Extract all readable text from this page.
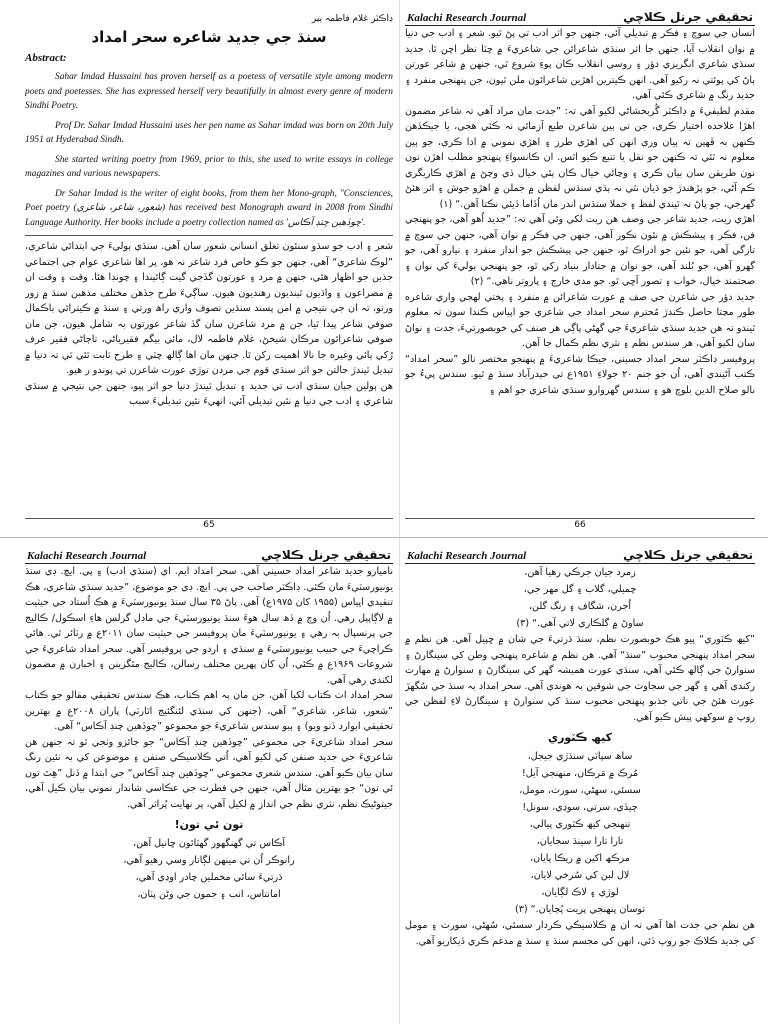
ڊاڪٽر غلام فاطمہ ٻير
سنڌ جي جديد شاعره سحر امداد
Abstract:

Sahar Imdad Hussaini has proven herself as a poetess of versatile style among modern poets and poetesses. She has expressed herself very beautifully in almost every genre of modern Sindhi Poetry.

Prof Dr. Sahar Imdad Hussaini uses her pen name as Sahar imdad was born on 20th July 1951 at Hyderabad Sindh.

She started writing poetry from 1969, prior to this, she used to write essays in college magazines and various newspapers.

Dr Sahar Imdad is the writer of eight books, from them her Mono-graph, "Consciences, Poet poetry (شعور، شاعر، شاعري) has received best Monograph award in 2008 from Sindhi Language Authority. Her books include a poetry collection named as 'چوڏهين چنڊ آڪاس'.

شعر ۽ ادب جو سڌو سنئون تعلق انساني شعور سان آهي. سنڌي ٻوليءَ جي ابتدائي شاعري، ”لوڪ شاعري“ آهي، جنھن جو ڪو خاص فرد شاعر نہ ھو، پر اھا شاعري عوام جي اجتماعي جذبن جو اظھار ھئي، جنھن ۾ مرد ۽ عورتون گڏجي گيت ڳائيندا ۽ چونڊا ھئا. وقت ۽ وقت ان ۾ مصراعون ۽ واڌيون ٿينديون رهنديون ھيون. ساڳيءَ طرح جڏھن مختلف مذھبن سنڌ ۾ زور ورتو، تہ ان جي نتيجي ۾ امن پسند سنڌين تصوف واري راھ ورتي ۽ سنڌ ۾ ڪيترائي باڪمال صوفي شاعر پيدا ٿيا، جن ۾ مرد شاعرن سان گڏ شاعر عورتون بہ شامل ھيون، جن مان صوفي شاعرائون مرڪان شيخڻ، غلام فاطمہ لال، مائي بيگم فقيرياڻي، تاڄاڻي فقير عرف رُکي ٻائي وغيره جا نالا اهميت رکن ٿا. جنھن مان اھا ڳالھ چٽي ۽ طرح ثابت ٿئي ٿي تہ دنيا ۾ تبديل ٿيندڙ حالتن جو اثر سنڌي قوم جي مردن توڙي عورت شاعرن تي پوندو ر ھيو.

ھن ٻولين جيان سنڌي ادب تي جديد ۽ تبديل ٿيندڙ دنيا جو اثر پيو، جنھن جي نتيجي ۾ سنڌي شاعري ۽ ادب جي دنيا ۾ نئين تبديلي آئي، انھيءَ نئين تبديليءَ سبب

65
Kalachi Research Journal	تحقیقي جرنل ڪلاچي

انسان جي سوچ ۽ فڪر ۾ تبديلي آئي، جنھن جو اثر ادب تي پڻ ٿيو. شعر ۽ ادب جي دنيا ۾ نوان انقلاب آيا، جنھن جا اثر سنڌي شاعرائن جي شاعريءَ ۾ چٽا نظر اچن ٿا. جديد سنڌي شاعري انگريزي دؤر ۽ روسي انقلاب ڪان پوءِ شروع ٿي، جنھن ۾ شاعر عورتن ٻاڻ کي پوئتي نہ رکيو آھي. انھن ڪيترين اھڙين شاعرائون ملن ٿيون، جن پنھنجي منفرد ۽ جديد رنگ ۾ شاعري ڪئي آھي.

مقدم لطيفيءَ ۾ ڊاڪٽر گُربخشاڻي لکيو آھي تہ: ”جدت مان مراد آھي تہ شاعر مضمون اھڙا علاحده اختيار ڪري، جن تي ٻين شاعرن طبع آزمائي نہ ڪئي ھجي، يا جيڪڏھن ڪنھن بہ ڦھين تہ ٻيان وري انھن کي اھڙي طرز ۽ اھڙي نموني ۾ ادا ڪري، جو ٻين معلوم نہ ٿئي تہ ڪنھن جو نقل يا تتبع ڪيو اٿس. ان ڪانسواءِ پنھنجو مطلب اھڙن نون نون طريقن سان بيان ڪري ۽ وڃائي خيال ڪان ٻئي خيال ڏي وڃڻ ۾ اھڙي ڪاريگري ڪم آڻي، جو پڙهندڙ جو ڌيان نٿي نہ ٻڌي سنڌس لفظن ۾ جملن ۾ اھڙو جوش ۽ اثر ھئڻ گھرجي، جو پاڻ نہ ٿيندي لفظ ۽ جملا سنڌس اندر مان اُڏاما ڏيئي نڪتا آھن.“ (۱)

اھڙي ريت، جديد شاعر جي وصف ھن ريت لکي وئي آھي تہ: ”جديد اُھو آھي، جو پنھنجي فن، فڪر ۽ پيشڪش ۾ نئون نڪور آھي، جنھن جي فڪر ۾ نوان آھي، جنھن جي سوچ ۾ تازگي آھي، جو نئين جو ادراڪ ٿو، جنھن جي پيشڪش جو انداز منفرد ۽ نيارو آھي، جو گھرو آھي، جو بُلند آھي، جو نوان ۾ جتادار بنياد رکي ٿو، جو پنھنجي ٻوليءَ کي نوان ۽ صحتمند خيال، خواب ۽ تصور آڇي ٿو. جو مدي خارج ۽ پاروتر ناھي.“ (۲)

جديد دؤر جي شاعرن جي صف ۾ عورت شاعرائن ۾ منفرد ۽ پختي لھجي واري شاعره طور مڃتا حاصل ڪندڙ مُحترم سحر امداد جي شاعري جو اپياس ڪندا سون تہ معلوم ٿيندو تہ ھن جديد سنڌي شاعريءَ جي گھڻي پاڳي ھر صنف کي خوبصورتيءَ، جدت ۽ نواڻ سان لکيو آھي، ھر سندس نظم ۽ نثري نظم ڪمال جا آھن.

پروفيسر ڊاڪٽر سحر امداد حسيني، جيڪا شاعريءَ ۾ پنھنجو مختصر نالو ”سحر امداد“ ڪتب آڻيندي آھي، اُن جو جنم ۲۰ جولاءِ ۱۹۵۱ع تي حيدرآباد سنڌ ۾ ٿيو. سندس پيءُ جو نالو صلاح الدين بلوچ ھو ۽ سندس گھروارو سنڌي شاعري جو اھم ۽

66
Kalachi Research Journal	تحقیقي جرنل ڪلاچي

ناميارو جديد شاعر امداد حسيني آھي. سحر امداد ايم. اي (سنڌي ادب) ۽ پي. ايچ. ڊي سنڌ يونيورسٽيءَ مان ڪئي. ڊاڪٽر صاحب جي پي. ايچ. ڊي جو موضوع، ”جديد سنڌي شاعري، ھڪ تنقيدي اڀياس (۱۹۵۵ کان ۱۹۷۵ع) آھي. پاڻ ۳۵ سال سنڌ يونيورسٽيءَ ۾ ھڪ اُستاد جي حيثيت ۾ لاڳاپيل رھي. اُن وچ ۾ ڏھ سال ھوءَ سنڌ يونيورسٽيءَ جي ماڊل گرلس ھاءِ اسڪول/ ڪاليج جي پرنسپال بہ رھي ۽ يونيورسٽيءَ مان پروفيسر جي حيثيت سان ۲۰۱۱ع ۾ رٽائر ٿي. ھائي ڪراچيءَ جي حبيب يونيورسٽيءَ ۾ سنڌي ۽ اردو جي پروفيسر آھي. سحر امداد شاعريءَ جي شروعات ۱۹۶۹ع ۾ ڪئي، اُن کان پھرين مختلف رسالن، ڪاليج مئگزينن ۽ اخبارن ۾ مضمون لکندي رھي آھي.

سحر امداد اٺ ڪتاب لکيا آھن، جن مان ٻہ اھم ڪتاب، ھڪ سندس تحقيقي مقالو جو ڪتاب ”شعور، شاعر، شاعري“ آھي، (جنھن کي سنڌي لئنگئيج اٿارٽي) پاران ۲۰۰۸ع ۾ بھترين تحقيقي ايوارڊ ڏنو ويو) ۽ ٻيو سندس شاعريءَ جو مجموعو ”چوڏھين چنڊ آڪاس“ آھي.

سحر امداد شاعريءَ جي مجموعي ”چوڏھين چنڊ آڪاس“ جو جائزو وٺجي ٿو تہ جنھن ھن شاعريءَ جي جديد صنفن کي لکيو آھي، اُتي ڪلاسيڪي صنفن ۽ موضوعن کي بہ نئين رنگ سان بيان ڪيو آھي. سندس شعري مجموعي ”چوڏھين چنڊ آڪاس“ جي ابتدا ۾ ڏنل ”ھِتَ تون ئي تون“ جو بھترين مثال آھي، جنھن جي فطرت جي عڪاسي شاندار نموني بيان ڪيل آھي، جيتوڻيڪ نظم، نثري نظم جي انداز ۾ لکيل آھي، پر نھايت پُراثر آھي.

تون ئي تون!

آڪاس تي گھنگھور گھٽائون ڇانيل آھن،

رانوڪر اُن تي مينھن لڳاتار وسي رھيو آھي،

ڌرتيءَ سائي مخمليں چادر اوڍي آھي،

امانتاس، انب ۽ جمون جي وڻن پٺان،

Kalachi Research Journal	تحقیقي جرنل ڪلاچي

زمرد جيان جرڪي رھيا آھن،

چميلي، گلاب ۽ گل مهر جي،

اُجرن، شگاف ۽ رنگ گلن،

ساوڻ ۾ گلڪاري لاتي آھي.“ (۳)

”کيھ ڪٽوري“ پيو ھڪ خوبصورت نظم، سنڌ ڌرتيءَ جي شان ۾ ڇپيل آھي. ھن نظم ۾ سحر امداد پنھنجي محبوب ”سنڌ“ آھي. ھن نظم ۾ شاعره پنھنجي وطن کي سينگارڻ ۽ سنوارڻ جي ڳالھ ڪئي آھي، سنڌي عورت ھميشہ گھر کي سينگارڻ ۽ سنوارڻ ۾ مھارت رکندي آھي ۽ گھر جي سجاوٽ جي شوقين بہ ھوندي آھي. سحر امداد بہ سنڌ جي سُگھڙ عورت ھئڻ جي ناتي جذبو پنھنجي محبوب سنڌ کي سنوارڻ ۽ سينگارڻ لاءِ لفظن جي روپ ۾ سوکھي پيش ڪيو آھي.

کيھ ڪٽوري

ساھ سپاٽي سنڌڙي جيجل،

مُرڪ ۾ مَرڪان، منھنجي آيل!

سسئي، سھڻي، سورٺ، مومل،

ڄيڏي، سرتي، سوڍي، سونل!

تنھنجي کيھ ڪٽوري پيالي،

تارا تارا سينڌ سجايان،

مرڪھ اکين ۾ ريڪا پايان،

لال لبن کي سُرخي لايان،

لوڙي ۽ لاڪ لڳايان،

توسان پنھنجي پريت پُڄايان.“ (۳)

ھن نظم جي جدت اھا آھي تہ ان ۾ ڪلاسيڪي ڪردار سسئي، سُھڻي، سورٺ ۽ مومل کي جديد ڪلاڪ جو روپ ڏئي، انھن کي مجسم سنڌ ۽ سنڌ ۾ مدغم ڪري ڏيکاريو آھي.
